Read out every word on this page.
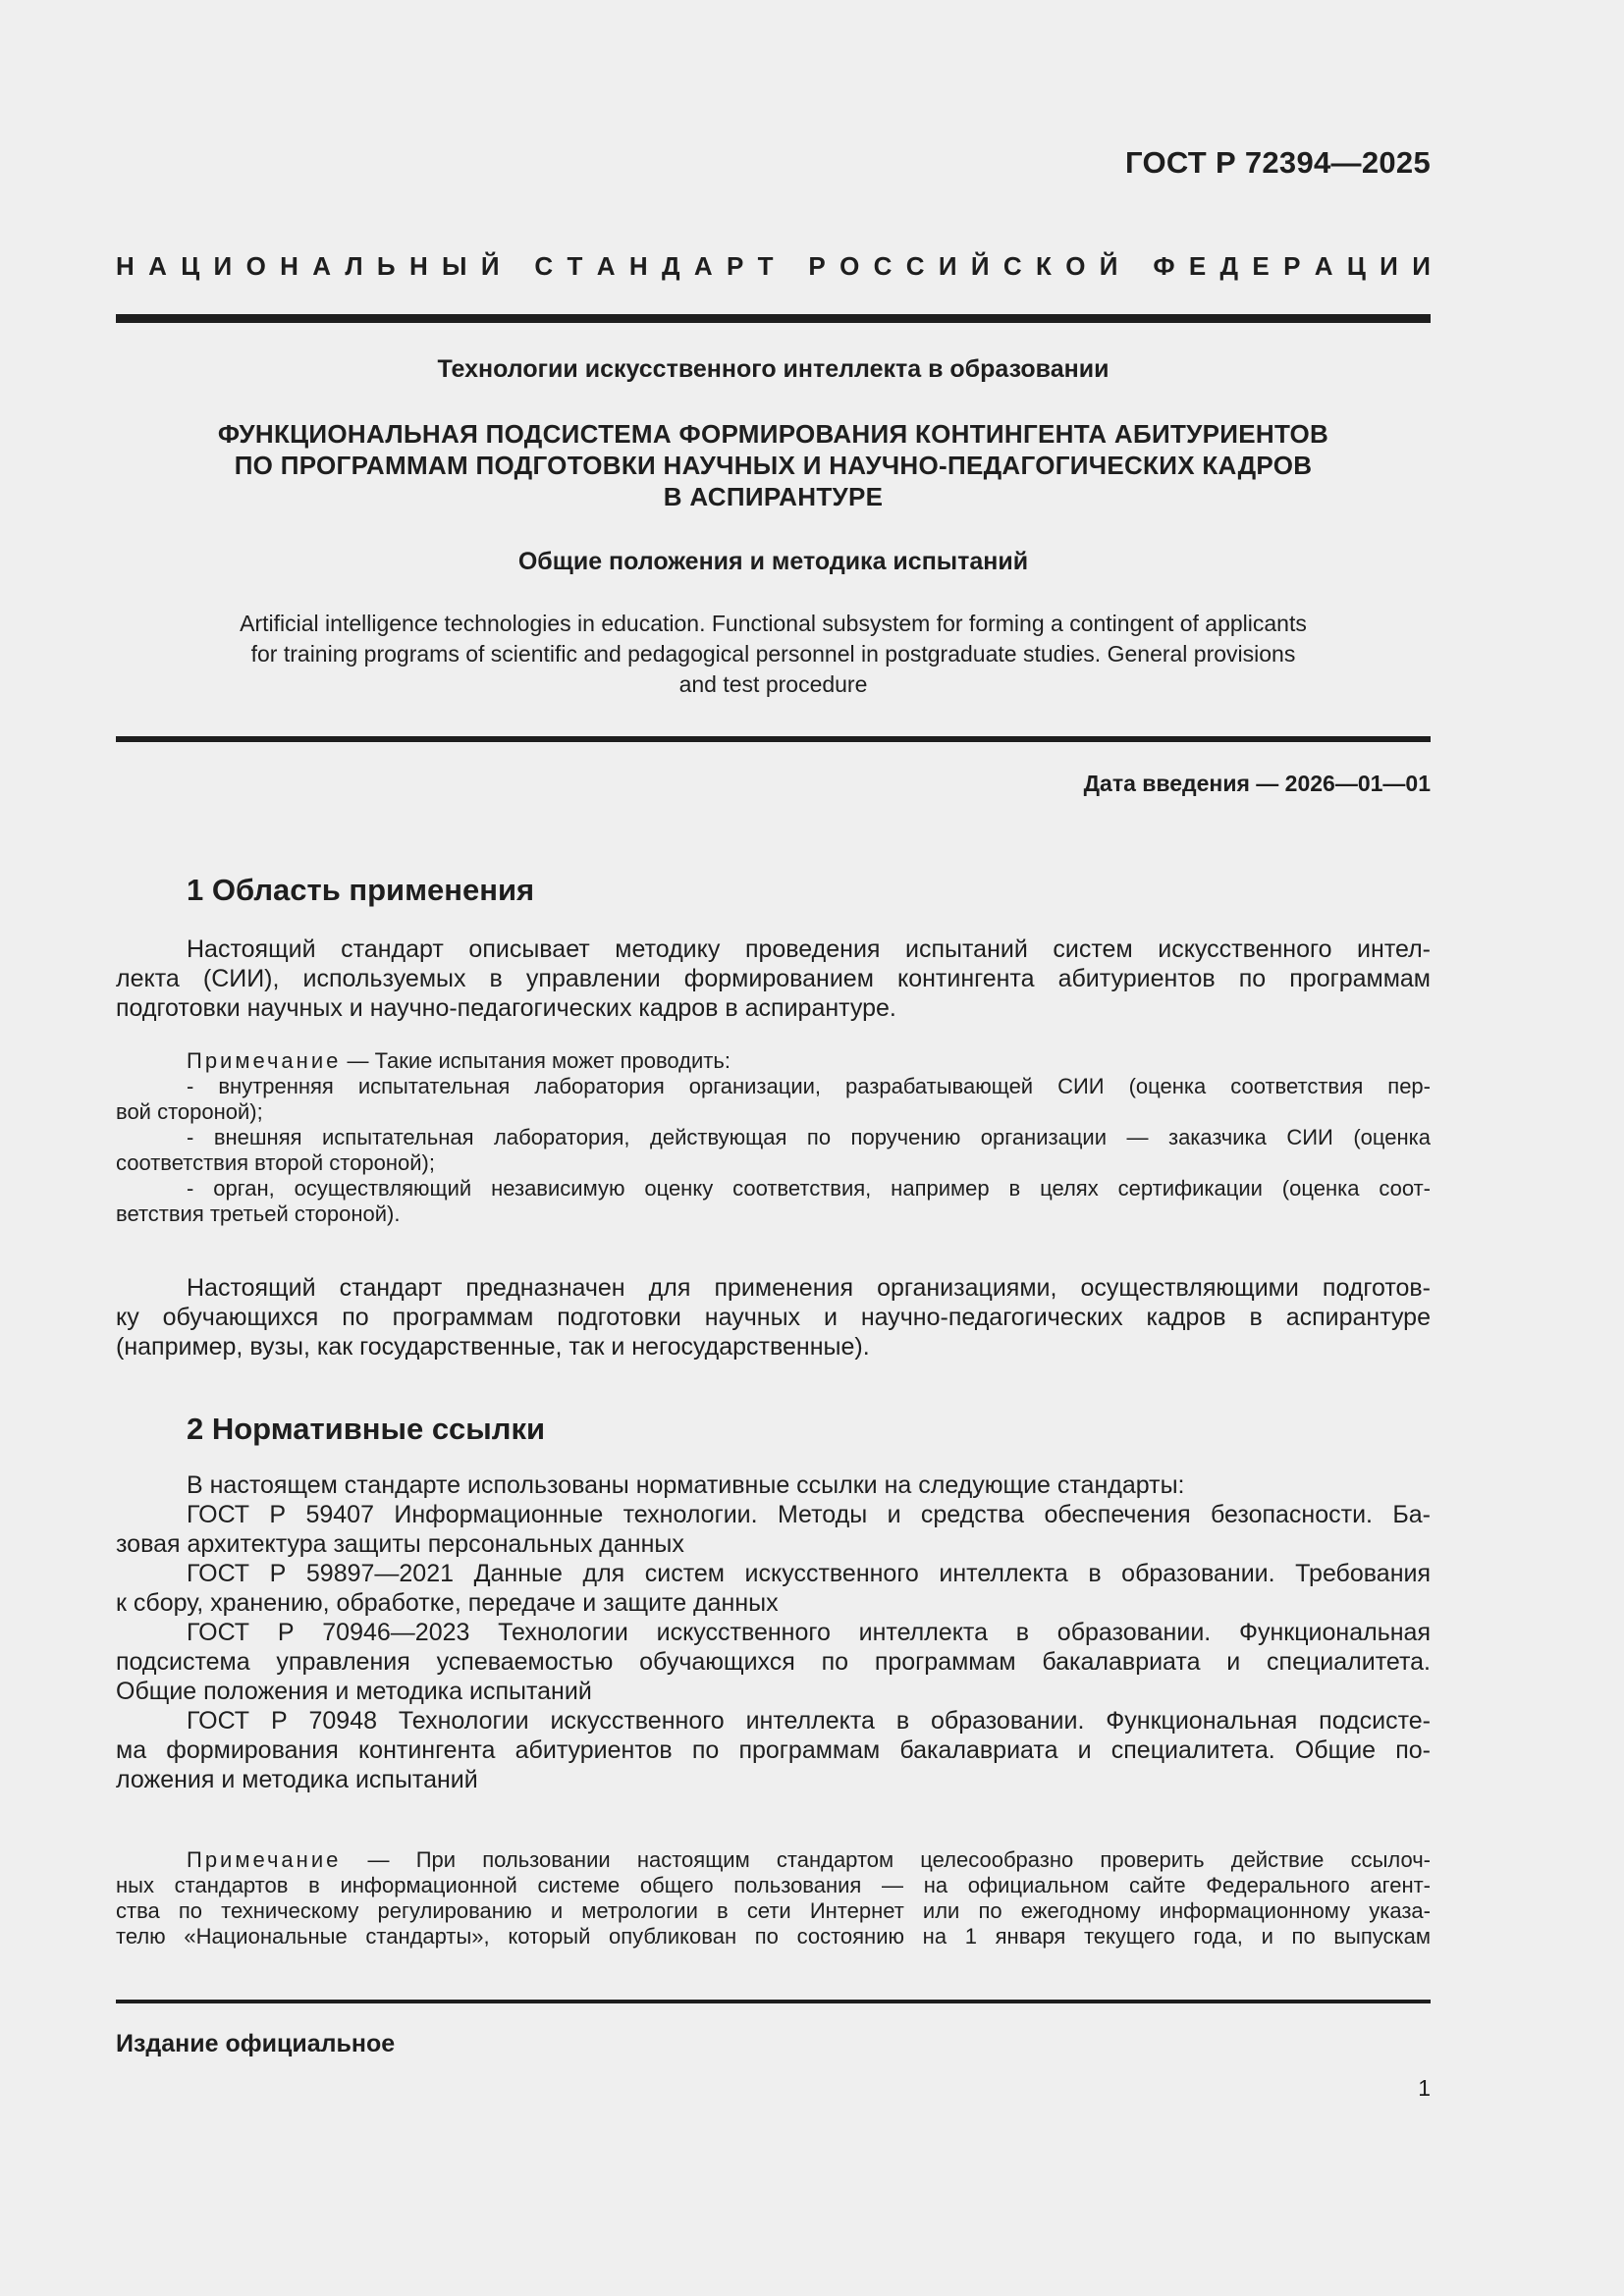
ГОСТ Р 72394—2025
Н А Ц И О Н А Л Ь Н Ы Й
С Т А Н Д А Р Т
Р О С С И Й С К О Й
Ф Е Д Е Р А Ц И И
Технологии искусственного интеллекта в образовании
ФУНКЦИОНАЛЬНАЯ ПОДСИСТЕМА ФОРМИРОВАНИЯ КОНТИНГЕНТА АБИТУРИЕНТОВ
ПО ПРОГРАММАМ ПОДГОТОВКИ НАУЧНЫХ И НАУЧНО-ПЕДАГОГИЧЕСКИХ КАДРОВ
В АСПИРАНТУРЕ
Общие положения и методика испытаний
Artificial intelligence technologies in education. Functional subsystem for forming a contingent of applicants
for training programs of scientific and pedagogical personnel in postgraduate studies. General provisions
and test procedure
Дата введения — 2026—01—01
1 Область применения
Настоящий стандарт описывает методику проведения испытаний систем искусственного интел-
лекта (СИИ), используемых в управлении формированием контингента абитуриентов по программам
подготовки научных и научно-педагогических кадров в аспирантуре.
Примечание — Такие испытания может проводить:
- внутренняя испытательная лаборатория организации, разрабатывающей СИИ (оценка соответствия пер-
вой стороной);
- внешняя испытательная лаборатория, действующая по поручению организации — заказчика СИИ (оценка
соответствия второй стороной);
- орган, осуществляющий независимую оценку соответствия, например в целях сертификации (оценка соот-
ветствия третьей стороной).
Настоящий стандарт предназначен для применения организациями, осуществляющими подготов-
ку обучающихся по программам подготовки научных и научно-педагогических кадров в аспирантуре
(например, вузы, как государственные, так и негосударственные).
2 Нормативные ссылки
В настоящем стандарте использованы нормативные ссылки на следующие стандарты:
ГОСТ Р 59407 Информационные технологии. Методы и средства обеспечения безопасности. Ба-
зовая архитектура защиты персональных данных
ГОСТ Р 59897—2021 Данные для систем искусственного интеллекта в образовании. Требования
к сбору, хранению, обработке, передаче и защите данных
ГОСТ Р 70946—2023 Технологии искусственного интеллекта в образовании. Функциональная
подсистема управления успеваемостью обучающихся по программам бакалавриата и специалитета.
Общие положения и методика испытаний
ГОСТ Р 70948 Технологии искусственного интеллекта в образовании. Функциональная подсисте-
ма формирования контингента абитуриентов по программам бакалавриата и специалитета. Общие по-
ложения и методика испытаний
Примечание — При пользовании настоящим стандартом целесообразно проверить действие ссылоч-
ных стандартов в информационной системе общего пользования — на официальном сайте Федерального агент-
ства по техническому регулированию и метрологии в сети Интернет или по ежегодному информационному указа-
телю «Национальные стандарты», который опубликован по состоянию на 1 января текущего года, и по выпускам
Издание официальное
1
